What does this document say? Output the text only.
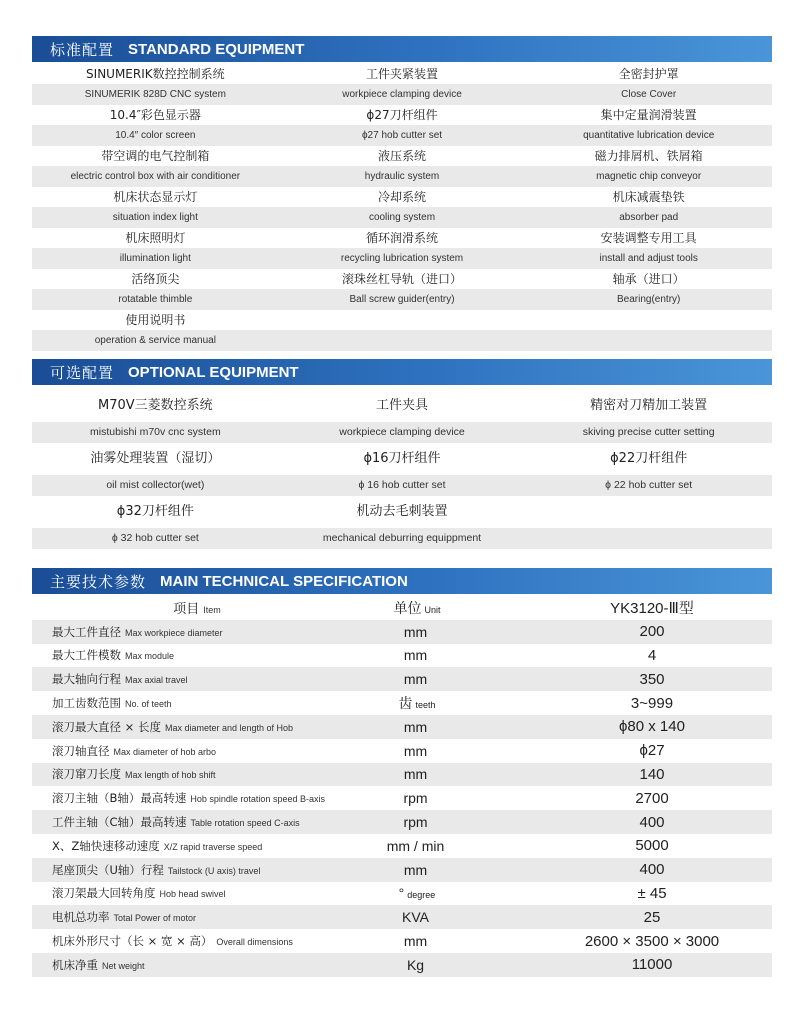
标准配置 STANDARD EQUIPMENT
SINUMERIK数控控制系统	工件夹紧装置	全密封护罩
SINUMERIK 828D CNC system	workpiece clamping device	Close Cover
10.4″彩色显示器	ϕ27刀杆组件	集中定量润滑装置
10.4″ color screen	ϕ27 hob cutter set	quantitative lubrication device
带空调的电气控制箱	液压系统	磁力排屑机、铁屑箱
electric control box with air conditioner	hydraulic system	magnetic chip conveyor
机床状态显示灯	冷却系统	机床减震垫铁
situation index light	cooling system	absorber pad
机床照明灯	循环润滑系统	安装调整专用工具
illumination light	recycling lubrication system	install and adjust tools
活络顶尖	滚珠丝杠导轨（进口）	轴承（进口）
rotatable thimble	Ball screw guider(entry)	Bearing(entry)
使用说明书
operation & service manual
可选配置 OPTIONAL EQUIPMENT
M70V三菱数控系统	工件夹具	精密对刀精加工装置
mistubishi m70v cnc system	workpiece clamping device	skiving precise cutter setting
油雾处理装置（湿切）	ϕ16刀杆组件	ϕ22刀杆组件
oil mist collector(wet)	ϕ 16 hob cutter set	ϕ 22 hob cutter set
ϕ32刀杆组件	机动去毛刺装置
ϕ 32 hob cutter set	mechanical deburring equippment
主要技术参数 MAIN TECHNICAL SPECIFICATION
项目 Item	单位 Unit	YK3120-Ⅲ型
最大工件直径 Max workpiece diameter	mm	200
最大工件模数 Max module	mm	4
最大轴向行程 Max axial travel	mm	350
加工齿数范围 No. of teeth	齿teeth	3~999
滚刀最大直径 × 长度 Max diameter and length of Hob	mm	ϕ80 x 140
滚刀轴直径 Max diameter of hob arbo	mm	ϕ27
滚刀窜刀长度 Max length of hob shift	mm	140
滚刀主轴（B轴）最高转速 Hob spindle rotation speed B-axis	rpm	2700
工件主轴（C轴）最高转速 Table rotation speed C-axis	rpm	400
X、Z轴快速移动速度 X/Z rapid traverse speed	mm / min	5000
尾座顶尖（U轴）行程 Tailstock (U axis) travel	mm	400
滚刀架最大回转角度 Hob head swivel	° degree	± 45
电机总功率 Total Power of motor	KVA	25
机床外形尺寸（长 × 宽 × 高） Overall dimensions	mm	2600 × 3500 × 3000
机床净重 Net weight	Kg	11000
